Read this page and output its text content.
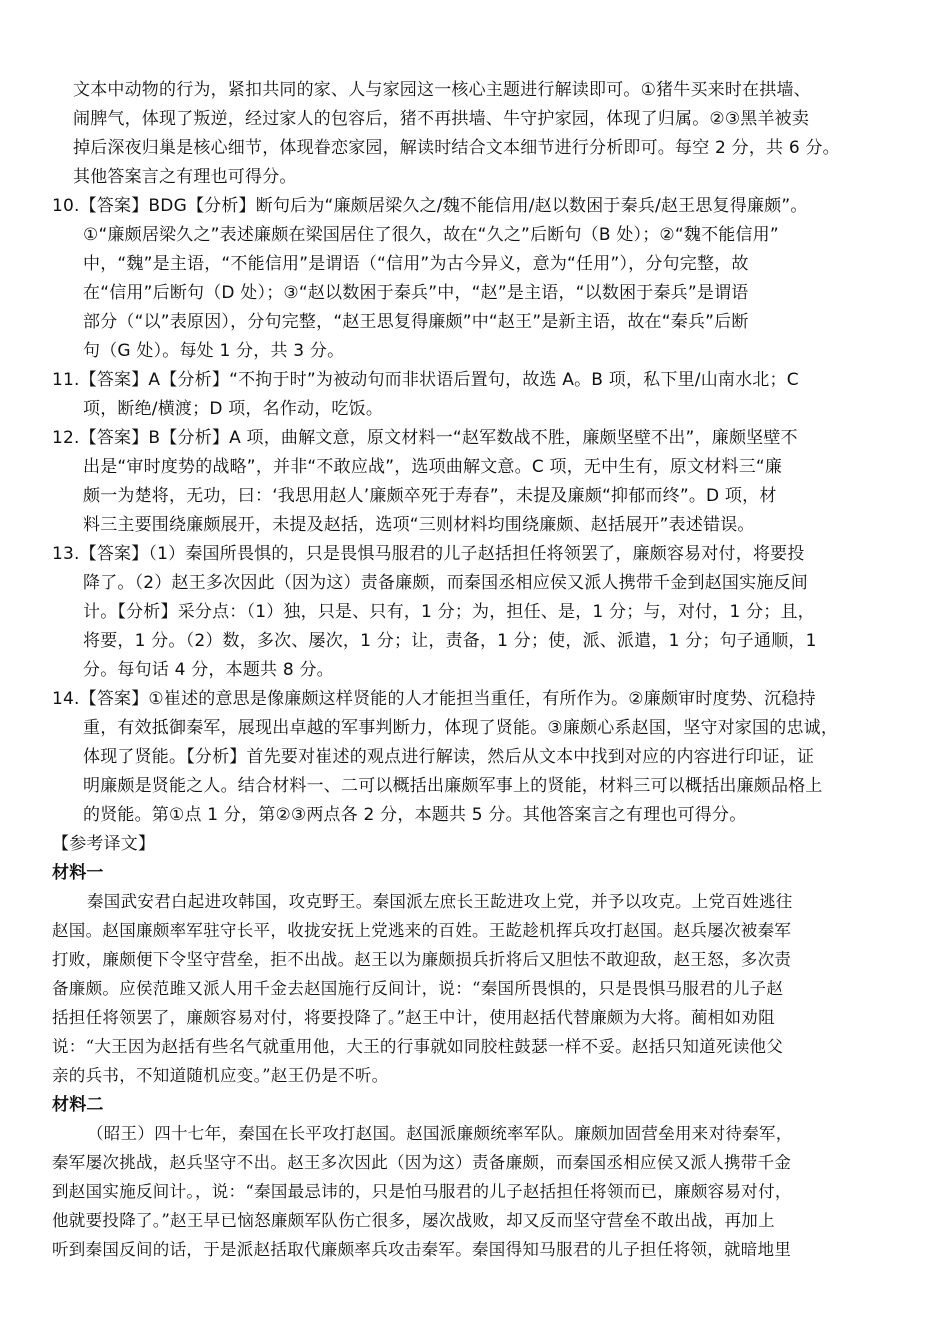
文本中动物的行为，紧扣共同的家、人与家园这一核心主题进行解读即可。①猪牛买来时在拱墙、
闹脾气，体现了叛逆，经过家人的包容后，猪不再拱墙、牛守护家园，体现了归属。②③黑羊被卖
掉后深夜归巢是核心细节，体现眷恋家园，解读时结合文本细节进行分析即可。每空 2 分，共 6 分。
其他答案言之有理也可得分。
10.【答案】BDG【分析】断句后为“廉颇居梁久之/魏不能信用/赵以数困于秦兵/赵王思复得廉颇”。
①“廉颇居梁久之”表述廉颇在梁国居住了很久，故在“久之”后断句（B 处）；②“魏不能信用”
中，“魏”是主语，“不能信用”是谓语（“信用”为古今异义，意为“任用”），分句完整，故
在“信用”后断句（D 处）；③“赵以数困于秦兵”中，“赵”是主语，“以数困于秦兵”是谓语
部分（“以”表原因），分句完整，“赵王思复得廉颇”中“赵王”是新主语，故在“秦兵”后断
句（G 处）。每处 1 分，共 3 分。
11.【答案】A【分析】“不拘于时”为被动句而非状语后置句，故选 A。B 项，私下里/山南水北；C
项，断绝/横渡；D 项，名作动，吃饭。
12.【答案】B【分析】A 项，曲解文意，原文材料一“赵军数战不胜，廉颇坚壁不出”，廉颇坚壁不
出是“审时度势的战略”，并非“不敢应战”，选项曲解文意。C 项，无中生有，原文材料三“廉
颇一为楚将，无功，曰：‘我思用赵人’廉颇卒死于寿春”，未提及廉颇“抑郁而终”。D 项，材
料三主要围绕廉颇展开，未提及赵括，选项“三则材料均围绕廉颇、赵括展开”表述错误。
13.【答案】（1）秦国所畏惧的，只是畏惧马服君的儿子赵括担任将领罢了，廉颇容易对付，将要投
降了。（2）赵王多次因此（因为这）责备廉颇，而秦国丞相应侯又派人携带千金到赵国实施反间
计。【分析】采分点：（1）独，只是、只有，1 分；为，担任、是，1 分；与，对付，1 分；且，
将要，1 分。（2）数，多次、屡次，1 分；让，责备，1 分；使，派、派遣，1 分；句子通顺，1
分。每句话 4 分，本题共 8 分。
14.【答案】①崔述的意思是像廉颇这样贤能的人才能担当重任，有所作为。②廉颇审时度势、沉稳持
重，有效抵御秦军，展现出卓越的军事判断力，体现了贤能。③廉颇心系赵国，坚守对家国的忠诚，
体现了贤能。【分析】首先要对崔述的观点进行解读，然后从文本中找到对应的内容进行印证，证
明廉颇是贤能之人。结合材料一、二可以概括出廉颇军事上的贤能，材料三可以概括出廉颇品格上
的贤能。第①点 1 分，第②③两点各 2 分，本题共 5 分。其他答案言之有理也可得分。
【参考译文】
材料一
秦国武安君白起进攻韩国，攻克野王。秦国派左庶长王龁进攻上党，并予以攻克。上党百姓逃往
赵国。赵国廉颇率军驻守长平，收拢安抚上党逃来的百姓。王龁趁机挥兵攻打赵国。赵兵屡次被秦军
打败，廉颇便下令坚守营垒，拒不出战。赵王以为廉颇损兵折将后又胆怯不敢迎敌，赵王怒，多次责
备廉颇。应侯范雎又派人用千金去赵国施行反间计，说：“秦国所畏惧的，只是畏惧马服君的儿子赵
括担任将领罢了，廉颇容易对付，将要投降了。”赵王中计，使用赵括代替廉颇为大将。蔺相如劝阻
说：“大王因为赵括有些名气就重用他，大王的行事就如同胶柱鼓瑟一样不妥。赵括只知道死读他父
亲的兵书，不知道随机应变。”赵王仍是不听。
材料二
（昭王）四十七年，秦国在长平攻打赵国。赵国派廉颇统率军队。廉颇加固营垒用来对待秦军，
秦军屡次挑战，赵兵坚守不出。赵王多次因此（因为这）责备廉颇，而秦国丞相应侯又派人携带千金
到赵国实施反间计。，说：“秦国最忌讳的，只是怕马服君的儿子赵括担任将领而已，廉颇容易对付，
他就要投降了。”赵王早已恼怒廉颇军队伤亡很多，屡次战败，却又反而坚守营垒不敢出战，再加上
听到秦国反间的话，于是派赵括取代廉颇率兵攻击秦军。秦国得知马服君的儿子担任将领，就暗地里
